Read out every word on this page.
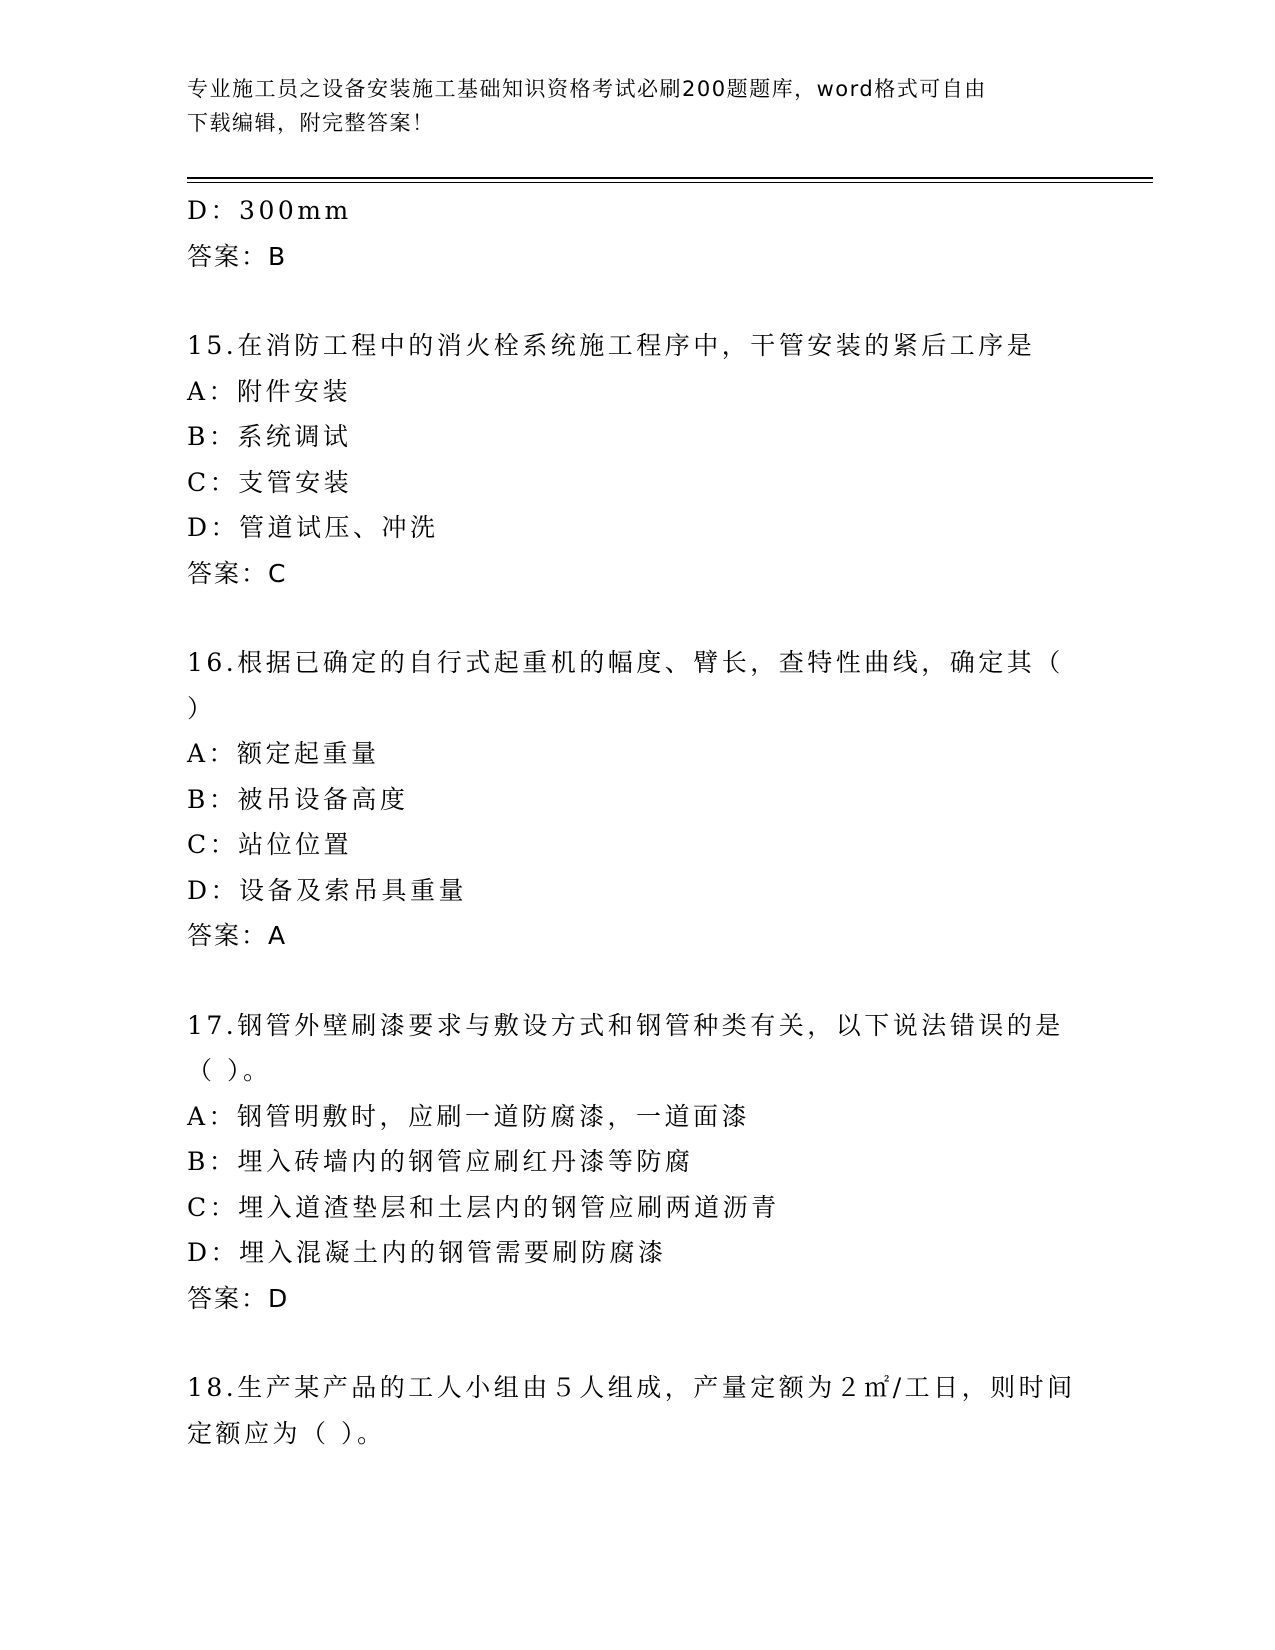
专业施工员之设备安装施工基础知识资格考试必刷200题题库，word格式可自由
下载编辑，附完整答案！
D：300mm
答案：B
15.在消防工程中的消火栓系统施工程序中，干管安装的紧后工序是
A：附件安装
B：系统调试
C：支管安装
D：管道试压、冲洗
答案：C
16.根据已确定的自行式起重机的幅度、臂长，查特性曲线，确定其（
）
A：额定起重量
B：被吊设备高度
C：站位位置
D：设备及索吊具重量
答案：A
17.钢管外壁刷漆要求与敷设方式和钢管种类有关，以下说法错误的是
（ ）。
A：钢管明敷时，应刷一道防腐漆，一道面漆
B：埋入砖墙内的钢管应刷红丹漆等防腐
C：埋入道渣垫层和土层内的钢管应刷两道沥青
D：埋入混凝土内的钢管需要刷防腐漆
答案：D
18.生产某产品的工人小组由５人组成，产量定额为２㎡/工日，则时间
定额应为（ ）。
